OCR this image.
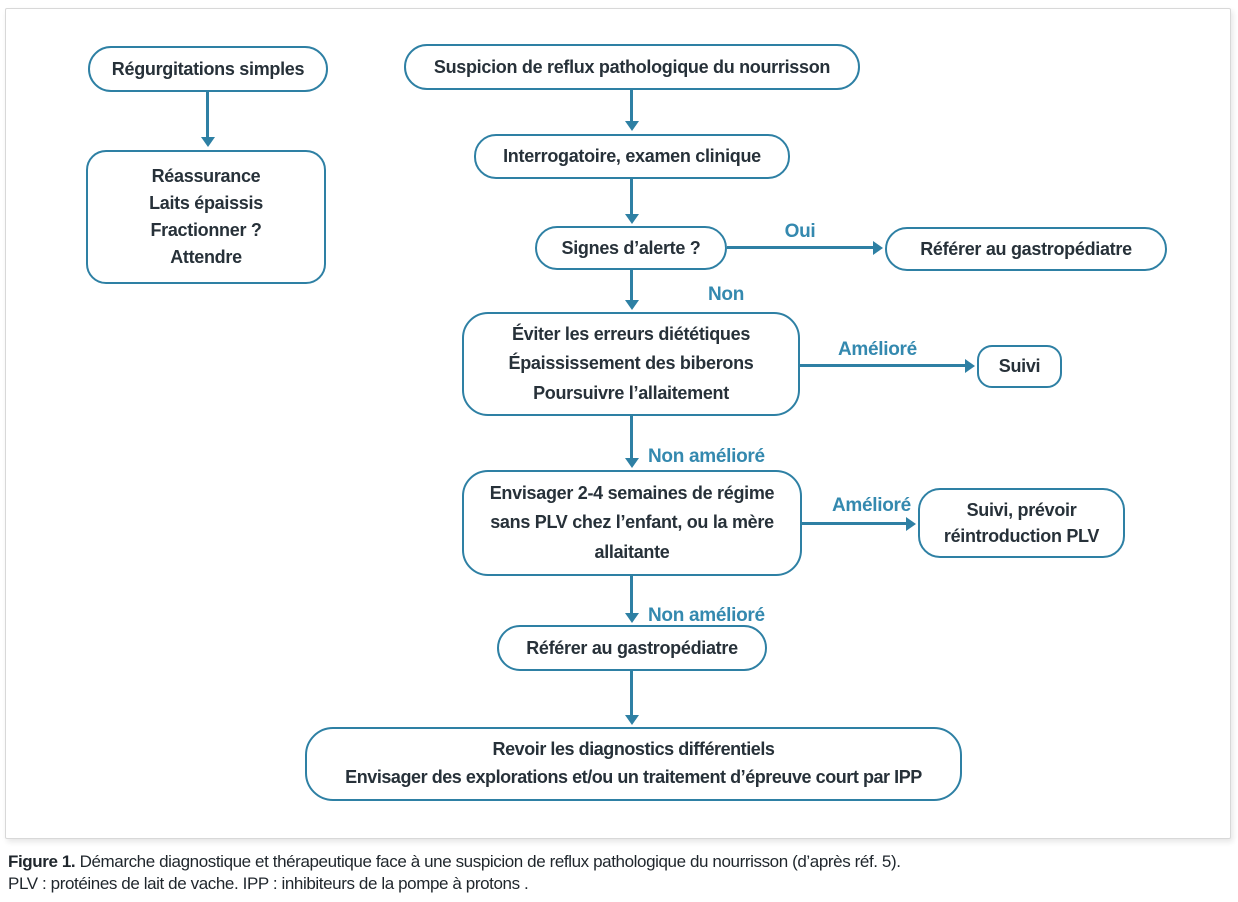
Régurgitations simples
Réassurance
Laits épaissis
Fractionner ?
Attendre
Suspicion de reflux pathologique du nourrisson
Interrogatoire, examen clinique
Signes d’alerte ?	Référer au gastropédiatre
Éviter les erreurs diététiques
Épaississement des biberons
Poursuivre l’allaitement
Suivi
Envisager 2-4 semaines de régime
sans PLV chez l’enfant, ou la mère
allaitante
Suivi, prévoir
réintroduction PLV
Référer au gastropédiatre
Revoir les diagnostics différentiels
Envisager des explorations et/ou un traitement d’épreuve court par IPP
Oui
Non
Amélioré
Non amélioré
Amélioré
Non amélioré
Figure 1. Démarche diagnostique et thérapeutique face à une suspicion de reflux pathologique du nourrisson (d’après réf. 5).
PLV : protéines de lait de vache. IPP : inhibiteurs de la pompe à protons .
